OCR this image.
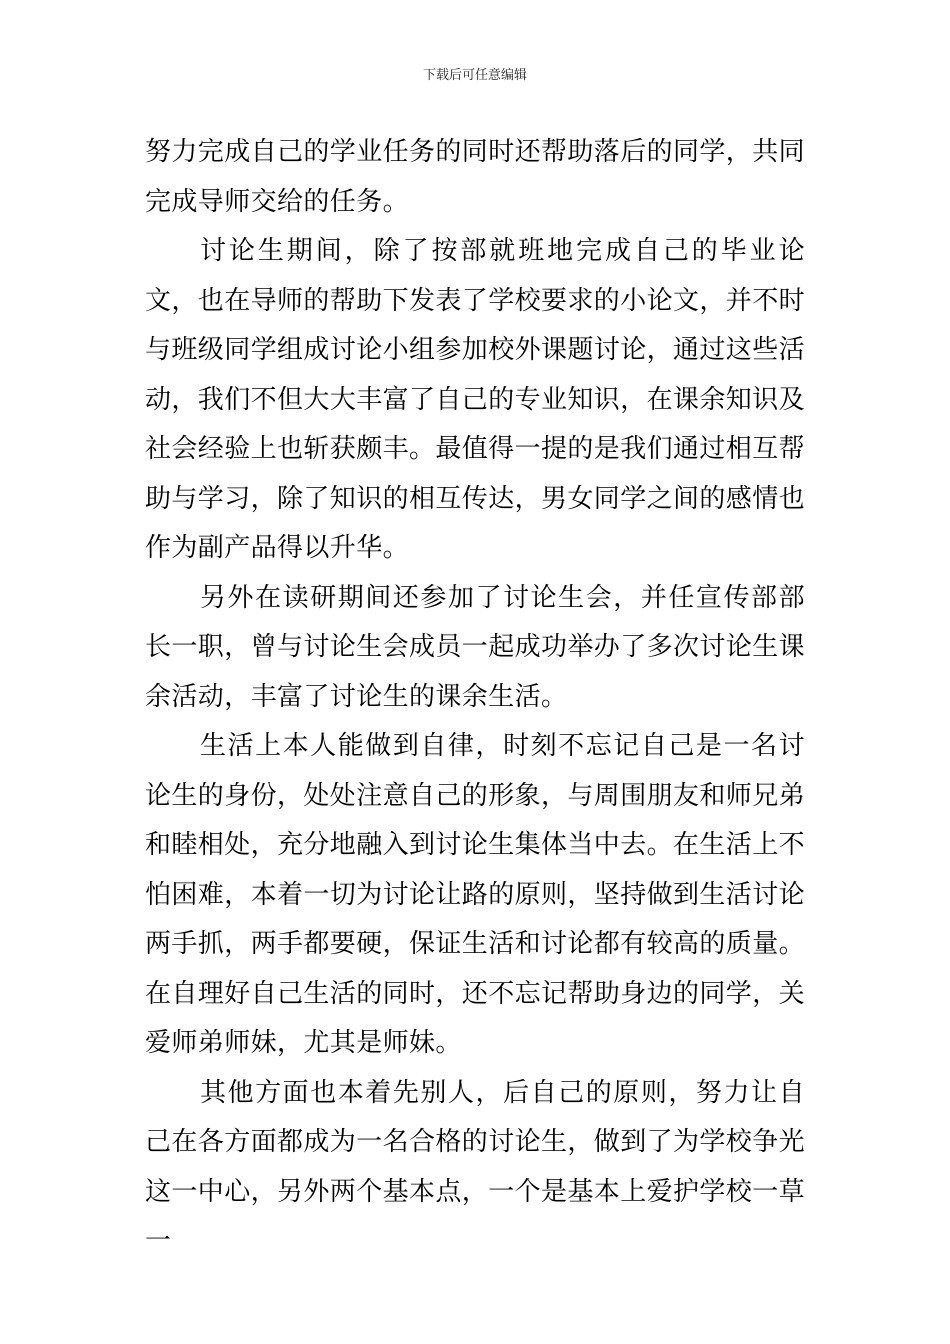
下载后可任意编辑

努力完成自己的学业任务的同时还帮助落后的同学，共同完成导师交给的任务。

讨论生期间，除了按部就班地完成自己的毕业论文，也在导师的帮助下发表了学校要求的小论文，并不时与班级同学组成讨论小组参加校外课题讨论，通过这些活动，我们不但大大丰富了自己的专业知识，在课余知识及社会经验上也斩获颇丰。最值得一提的是我们通过相互帮助与学习，除了知识的相互传达，男女同学之间的感情也作为副产品得以升华。

另外在读研期间还参加了讨论生会，并任宣传部部长一职，曾与讨论生会成员一起成功举办了多次讨论生课余活动，丰富了讨论生的课余生活。

生活上本人能做到自律，时刻不忘记自己是一名讨论生的身份，处处注意自己的形象，与周围朋友和师兄弟和睦相处，充分地融入到讨论生集体当中去。在生活上不怕困难，本着一切为讨论让路的原则，坚持做到生活讨论两手抓，两手都要硬，保证生活和讨论都有较高的质量。在自理好自己生活的同时，还不忘记帮助身边的同学，关爱师弟师妹，尤其是师妹。

其他方面也本着先别人，后自己的原则，努力让自己在各方面都成为一名合格的讨论生，做到了为学校争光这一中心，另外两个基本点，一个是基本上爱护学校一草一
